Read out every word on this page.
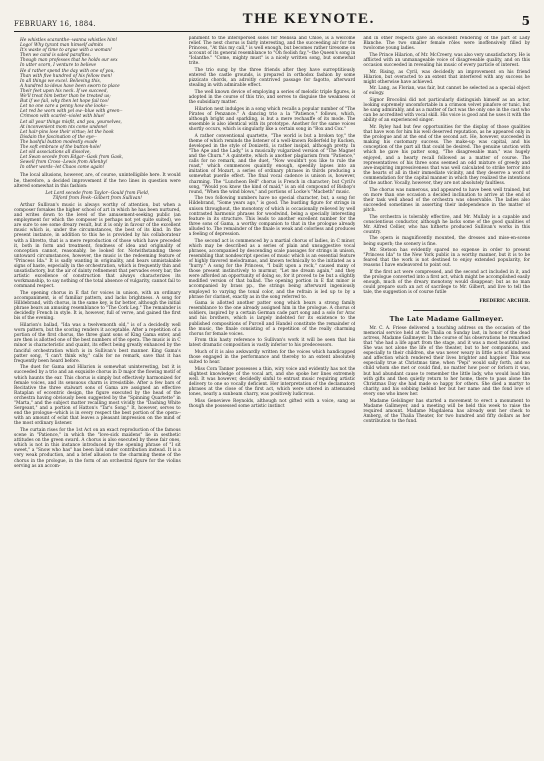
FEBRUARY 16, 1884.	THE KEYNOTE.	5
He whistles scaranthe--wanna whistles him!
Logo! Why tyrant man himself admits
It's waste of time to argue with a woman!
Then we cand is saled parafites.
Though man professes that he holds our sex
In utter scorn, I venture to believe
He d rather spend the day with one of you,
Than with five hundred of his fellow men!
In all things we excel. Believing this,
A hundred ta-ideus have been sworn to place
Their feet upon his neck. If we succeed,
We'll treat him better than he treated us;
But if we fail, why then let hope fail too!
Let no one care a penny how she looks--
Let red be worn with yel ow--blue with green--
Crimson with scarlet--violet with blue!
Let all your things misfit, and you, yourselves,
At inconvenient mom nts come undone!
Let hair-pins lose their virtue; let the hook
Disdain the fascination of the eye--
The bashful button modestly evade
The soft embrace of the button-hole!
Let old associations all dissolve,
Let Swan secede from Edgar--Gask from Gask,
Sewell from Cross--Lewis from Allenby!
In other words--let Chaos come again!

The local allusions, however, are, of course, unintelligible here. It would be, therefore, a decided improvement if the two lines in question were altered somewhat in this fashion:

Let Lord secede from Taylor--Gould from Field,
Tilford from Peek--Gilbert from Sullivan!

Arthur Sullivan's music is always worthy of attention, but when a composer forsakes the higher school of art in which he has been nurtured, and writes down to the level of the amusement-seeking public (an employment for which the composer is perhaps not yet quite suited), we are sure to see some dreary result, but it is only in favour of the excellent music which is, under the circumstances, the best of its kind. In the present instance, in addition to this he is provided by his collaborateur with a libretto, that is a mere reproduction of those which have preceded it, both in form and treatment, fondness of idea and originality of conception cannot, reasonably, be looked for. Notwithstanding these untoward circumstances, however, the music is the redeeming feature of "Princess Ida." It is sadly wanting in originality, and bears unmistakable signs of haste, especially in the orchestration, which is frequently thin and unsatisfactory, but the air of dainty refinement that pervades every bar, the artistic excellence of construction that always characterizes its workmanship, to say nothing of the total absence of vulgarity, cannot fail to command respect.

The opening chorus in E flat for voices in unison, with an ordinary accompaniment, is of familiar pattern, and lacks brightness. A song for Hilldebrand, with chorus, in the same key, is far better, although the initial phrase bears an amusing resemblance to "The Cork Leg." The remainder is decidedly French in style. It is, however, full of verve, and gained the first bis of the evening.

Hilarion's ballad, "Ida was a twelvemonth old," is of a decidedly well worn pattern, but the scoring renders it acceptable. After a repetition of a portion of the first chorus, the three giant sons of King Gama enter, and are then is allotted one of the best numbers of the opera. The music is in C minor is characteristic and quaint, its effect being greatly enhanced by the fanciful orchestration which is in Sullivan's best manner. King Gama's patter song, "I can't think why," calls for no remark, save that it has frequently been heard before.

The duet for Gama and Hilarion is somewhat uninteresting, but it is succeeded by a trio and an exquisite chorus in D major the flowing motif of which haunts the ear. This chorus is simply but effectively harmonized for female voices, and its sensuous charm is irresistible. After a few bars of Recitative the three stalwart sons of Gama are assigned an effective Rataplan of eccentric design, the figure executed by the head of the orchestra having obviously been suggested by the "Spinning Quartette" in "Marta," and the subject matter recalling most vividly the "Dashing White Sergeant," and a portion of Hatton's "Tar's Song." It, however, serves to end the prologue--which is in every respect the best portion of the opera--with an amount of eclat that leaves a pleasant impression on the mind of the most ordinary listener.

The curtain rises for the 1st Act on an exact reproduction of the famous scene in "Patience," in which the "love-sick maidens" lie in sesthetic attitudes on the green sward. A chorus is also executed by these fair ones, which is not in this instance introduced by the opening phrase of "I sit sweet," a "Snow who has" has been laid under contribution instead. It is a very weak production, and a brief allusion to the charming theme of the chorus in the prologue, in the form of an orchestral figure for the violins serving as an accom-

paniment to the interspersed solos for Melissa and Chloe, is a welcome relief. The next chorus is fairly interesting, and the succeeding air for the Princess, "At this my call," is well enough, but becomes rather tiresome on account of its general resemblance to "Oh foolish fay,"--the Queen's song in "Iolanthe." "Come, mighty must" is a nicely written song, but somewhat trite.

The trio sung by the three friends after they have surreptitiously entered the castle grounds, is prepared in orthodox fashion by some pizzicato chords, an adroitly contrived passage for fagotto, afterward stealing in with admirable effect.

The well known device of employing a series of melodic triple figures, is adopted in the course of this trio, and serves to disguise the weakness of the subsidiary matter.

Hilarion next indulges in a song which recalls a popular number of "The Pirates of Penzance." A dancing trio a la "Patience," follows, which, although bright and sparkling, is but a mere rechauffe of its mode. The ensemble is also identical with its prototype. Another for the same voices shortly occurs, which is singularly like a certain song in "Box and Cox."

A rather conventional quartette, "The world is but a broken toy," the theme of which reminds the listener of a well-known Rollerfeld by Kucken, developed in the style of Donizetti, is rather insipid, although pretty. In "The Ape and the Lady," is a musically vulgarized version of "The Magnet and the Churn." A quintette, which is another plagiarism from "Patience," calls for no remark, and the duet, "Now wouldn't you like to rule the roast," which commences quaintly enough, speedily lapses into an imitation of Mozart, a series of ordinary phrases in thirds producing a somewhat puerile effect. The final vocal cadence is unison is, however, charming. The "Luncheon Bell" chorus is French in character; but Cyril's song, "Would you know the kind of maid," is an old compound of Bishop's round, "When the wind blows," and portions of Locke's "Macbeth" music.

The two following numbers have no special character, but, a song for Hildebrand, "Some years ago," is good. The bustling figure for strings in unison throughout, the monotony of which is occasionally relieved by well contrasted harmonic phrases for woodwind, being a specially interesting feature in its structure. This leads to another excellent number for the three sons of Gama, a worthy companion to that in the prologue already alluded to. The remainder of the finale is weak and colorless and produces a feeling of depression.

The second act is commenced by a martial chorus of ladies, in C minor, which may be described as a series of plain and unsuggestive vocal phrases, accompanied by descending scale passages for strings in unison, resembling that nondescript species of music which is an essential feature of highly flavored melodramas, and known technically to the initiated as a "hurry." A song for the Princess, "I built upon a rock," caused many of those present instinctively to murmur, "Let me dream again," and they were afforded an opportunity of doing so, for it proved to be but a slightly modified version of that ballad. The opening portion in E flat minor is accompanied by brass pp., the strings being afterward ingeniously employed to varying the tonal color, and the refrain is led up to by a phrase for clarinet, exactly as in the song referred to.

Gama is allotted another patter song which bears a strong family resemblance to the one already assigned him in the prologue. A chorus of soldiers, inspired by a certain German cade part song and a solo for Arac and his brothers, which is largely indebted for its existence to the published compositions of Purcell and Handel constitute the remainder of the music, the finale consisting of a repetition of the really charming chorus for female voices.

From this hasty reference to Sullivan's work it will be seen that his latest dramatic composition is vastly inferior to his predecessors.

Much of it is also awkwardly written for the voices which handicapped those engaged in the performance and thereby to an extent absolutely suited to hear.

Miss Cora Tanner possesses a thin, wiry voice and evidently has not the slightest knowledge of the vocal art, and she spoke her lines extremely well. It was however, decidedly sinful to entrust music requiring artistic delivery to one so vocally deficient. Her interpretation of the declamatory phrases at the close of the first act, which were uttered in attenuated tones, nearly a sunbeam charry, was positively ludicrous.

Miss Genevieve Reynolds, although not gifted with a voice, sang as though she possessed some artistic instinct

and in other respects gave an excellent rendering of the part of Lady Blanche. The two smaller female rôles were inoffensively filled by twolcome young ladies.

The Prince Hilarion, of Mr. McCreery, was also very unsatisfactory. He is afflicted with an unmanageable voice of disagreeable quality, and on this occasion succeeded in revealing his music of every particle of interest.

Mr. Rising, as Cyril, was decidedly an improvement on his friend Hilarion, but overacted to an extent that interfered with any success he might otherwise have achieved.

Mr. Lang, as Florian, was fair, but cannot be selected as a special object of eulogy.

Signor Brocolini did not particularly distinguish himself as an actor, looking supremely uncomfortable in a crimson velvet pinafore or tunic, but he sang admirably, and as a matter of fact was the only one in the cast who can be accredited with vocal skill. His voice is good and he uses it with the ability of an experienced singer.

Mr. Ryley had but few opportunities for the display of those qualities that have won for him his well deserved reputation, as he appeared only in the prologue and at the end of the second act. He, however, succeeded in making his customary success. The make-up was capital, and his conception of the part all that could be desired. The genuine unction with which he gave his patter song, "The disagreeable man," was hugely enjoyed, and a hearty recall followed as a matter of course. The representatives of his three sons seemed an odd mixture of greedy and awe-inspiring impressiveness that was well calculated to strike terror into the hearts of all in their immediate vicinity, and they deserve a word of commendation for the capital manner in which they realized the intentions of the author. Vocally, however, they are not absolutely faultless.

The chorus was numerous, and appeared to have been well trained, but on more than one occasion a decided inclination to arrive at the end of their task well ahead of the orchestra was observable. The ladies also succeeded sometimes in asserting their independence in the matter of pitch.

The orchestra is tolerably effective, and Mr. Mullaly is a capable and conscientious conductor, although he lacks some of the good qualities of Mr. Alfred Cellier, who has hitherto produced Sullivan's works in this country.

The opera is magnificently mounted, the dresses and mise-en-scene being superb; the scenery is fine.

Mr. Stetson has evidently spared no expense in order to present "Princess Ida" to the New York public in a worthy manner, but it is to be feared that the work is not destined to enjoy extended popularity, for reasons I have endeavored to point out.

If the first act were compressed, and the second act included in it, and the prologue converted into a first act, which might be accomplished easily enough, much of the dreary monotony would disappear; but as no man could prepare such an act of sacrilege to Mr. Gilbert, and live to tell the tale, the suggestion is of course futile

FREDERIC ARCHER.
The Late Madame Gallmeyer.

Mr. C. A. Friese delivered a touching address on the occasion of the memorial service held at the Thalia on Sunday last, in honor of the dead actress, Madame Gallmeyer. In the course of his observations he remarked that "she had a life apart from the stage, and it was a most beautiful one. She was not alone the life of the theater, but to her companions, and especially to their children, she was never weary in little acts of kindness and affection which rendered their lives brighter and happier. This was especially true at Christmas time, when "Pepi" would sally forth, and no child whom she met or could find, no matter how poor or forlorn it was, but had abundant cause to remember the little lady, who would load him with gifts and then quietly return to her home, there to pass alone the Christmas Day she had made so happy for others. She died a martyr to charity, and his sobbing behind her but her name and the fond love of every one who knew her.

Madame Gelslinger has started a movement to erect a monument to Madame Gallmeyer, and a meeting will be held this week to raise the required amount. Madame Magdalena has already sent her check to Amberg, of the Thalia Theater, for two hundred and fifty dollars as her contribution to the fund.
